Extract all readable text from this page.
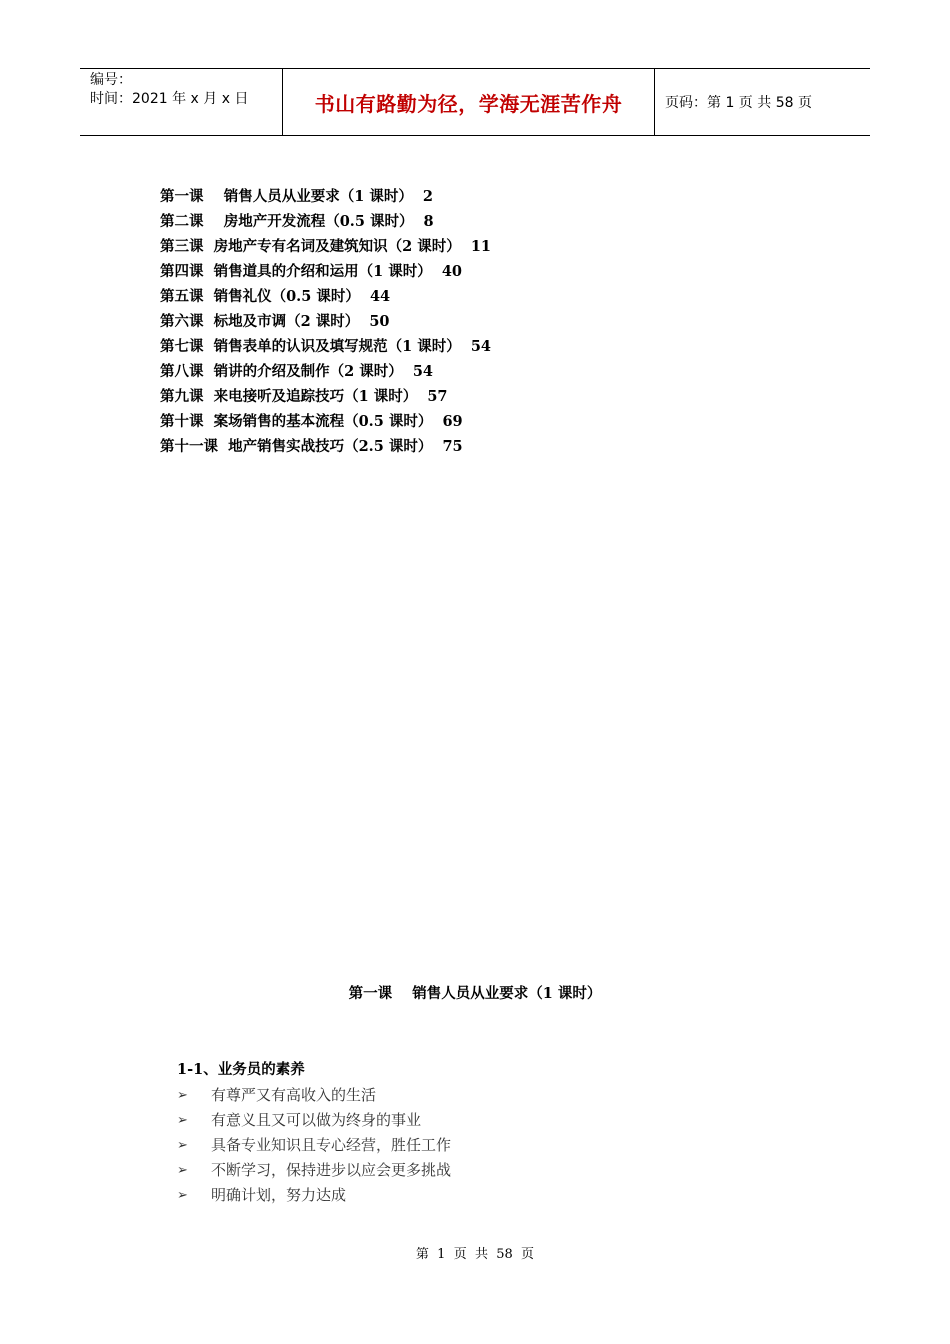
编号：
时间：2021 年 x 月 x 日	书山有路勤为径，学海无涯苦作舟	页码：第 1 页 共 58 页
第一课    销售人员从业要求（1 课时）  2
第二课    房地产开发流程（0.5 课时）  8
第三课  房地产专有名词及建筑知识（2 课时）  11
第四课  销售道具的介绍和运用（1 课时）  40
第五课  销售礼仪（0.5 课时）  44
第六课  标地及市调（2 课时）  50
第七课  销售表单的认识及填写规范（1 课时）  54
第八课  销讲的介绍及制作（2 课时）  54
第九课  来电接听及追踪技巧（1 课时）  57
第十课  案场销售的基本流程（0.5 课时）  69
第十一课  地产销售实战技巧（2.5 课时）  75
第一课    销售人员从业要求（1 课时）
1-1、业务员的素养
➢	有尊严又有高收入的生活
➢	有意义且又可以做为终身的事业
➢	具备专业知识且专心经营，胜任工作
➢	不断学习，保持进步以应会更多挑战
➢	明确计划，努力达成
第  1  页  共  58  页
